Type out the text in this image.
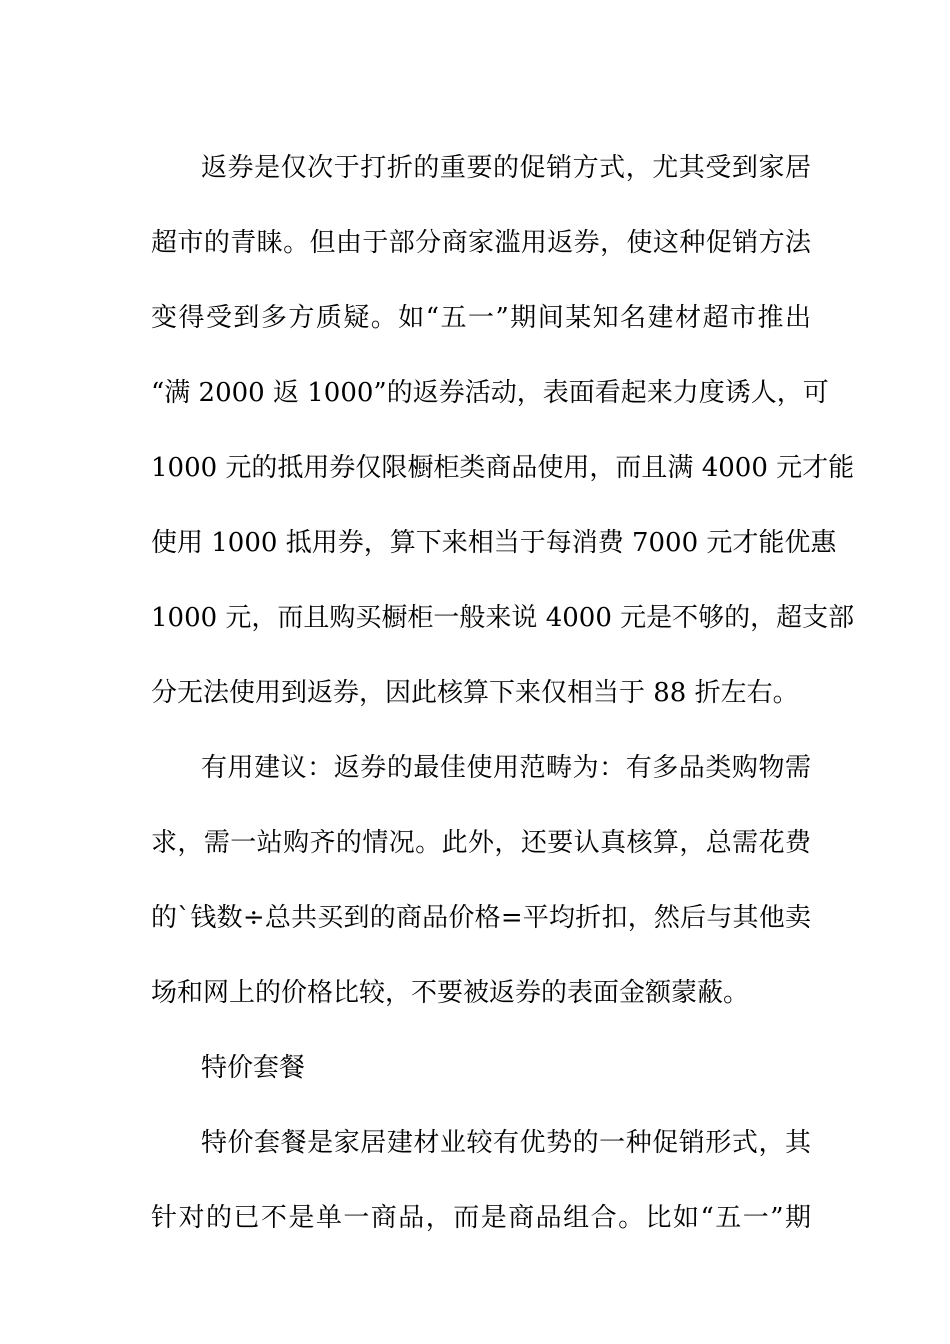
返券是仅次于打折的重要的促销方式，尤其受到家居
超市的青睐。但由于部分商家滥用返券，使这种促销方法
变得受到多方质疑。如“五一”期间某知名建材超市推出
“满 2000 返 1000”的返券活动，表面看起来力度诱人，可
1000 元的抵用券仅限橱柜类商品使用，而且满 4000 元才能
使用 1000 抵用券，算下来相当于每消费 7000 元才能优惠
1000 元，而且购买橱柜一般来说 4000 元是不够的，超支部
分无法使用到返券，因此核算下来仅相当于 88 折左右。
有用建议：返券的最佳使用范畴为：有多品类购物需
求，需一站购齐的情况。此外，还要认真核算，总需花费
的`钱数÷总共买到的商品价格=平均折扣，然后与其他卖
场和网上的价格比较，不要被返券的表面金额蒙蔽。
特价套餐
特价套餐是家居建材业较有优势的一种促销形式，其
针对的已不是单一商品，而是商品组合。比如“五一”期
